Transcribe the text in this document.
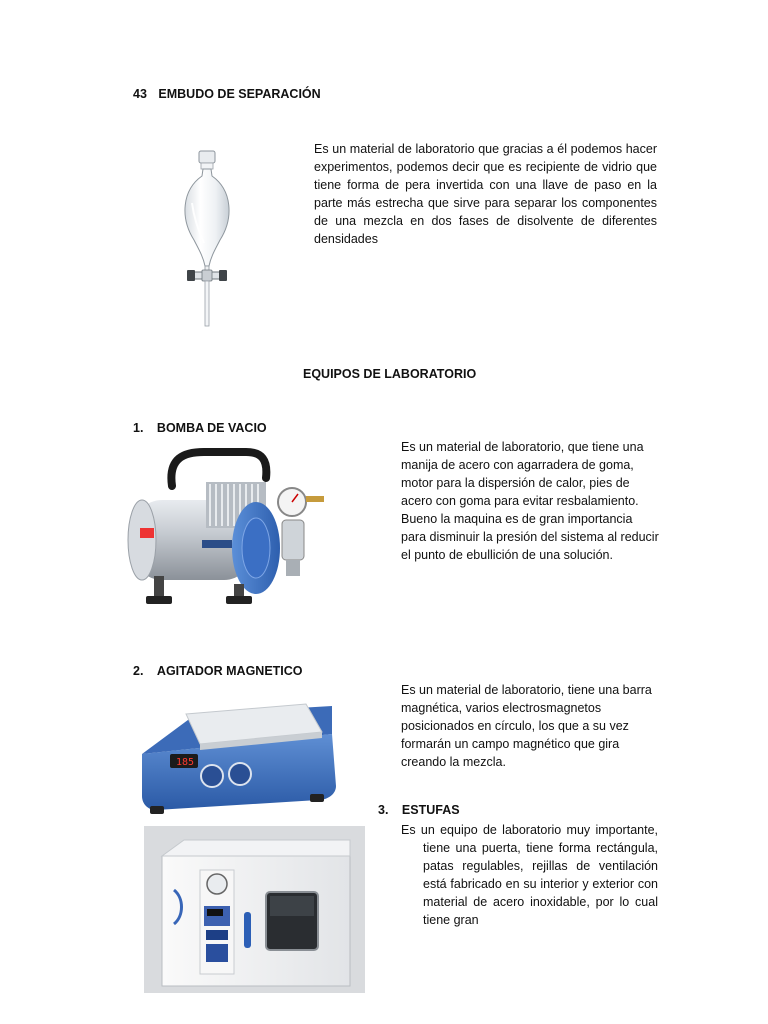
43 EMBUDO DE SEPARACIÓN
Es un material de laboratorio que gracias a él podemos hacer experimentos, podemos decir que es recipiente de vidrio que tiene forma de pera invertida con una llave de paso en la parte más estrecha que sirve para separar los componentes de una mezcla en dos fases de disolvente de diferentes densidades
EQUIPOS DE LABORATORIO
1. BOMBA DE VACIO
Es un material de laboratorio, que tiene una manija de acero con agarradera de goma, motor para la dispersión de calor, pies de acero con goma para evitar resbalamiento. Bueno la maquina es de gran importancia para disminuir la presión del sistema al reducir el punto de ebullición de una solución.
2. AGITADOR MAGNETICO
185
Es un material de laboratorio, tiene una barra magnética, varios electrosmagnetos posicionados en círculo, los que a su vez formarán un campo magnético que gira creando la mezcla.
3. ESTUFAS
Es un equipo de laboratorio muy importante, tiene una puerta, tiene forma rectángula, patas regulables, rejillas de ventilación está fabricado en su interior y exterior con material de acero inoxidable, por lo cual tiene gran
